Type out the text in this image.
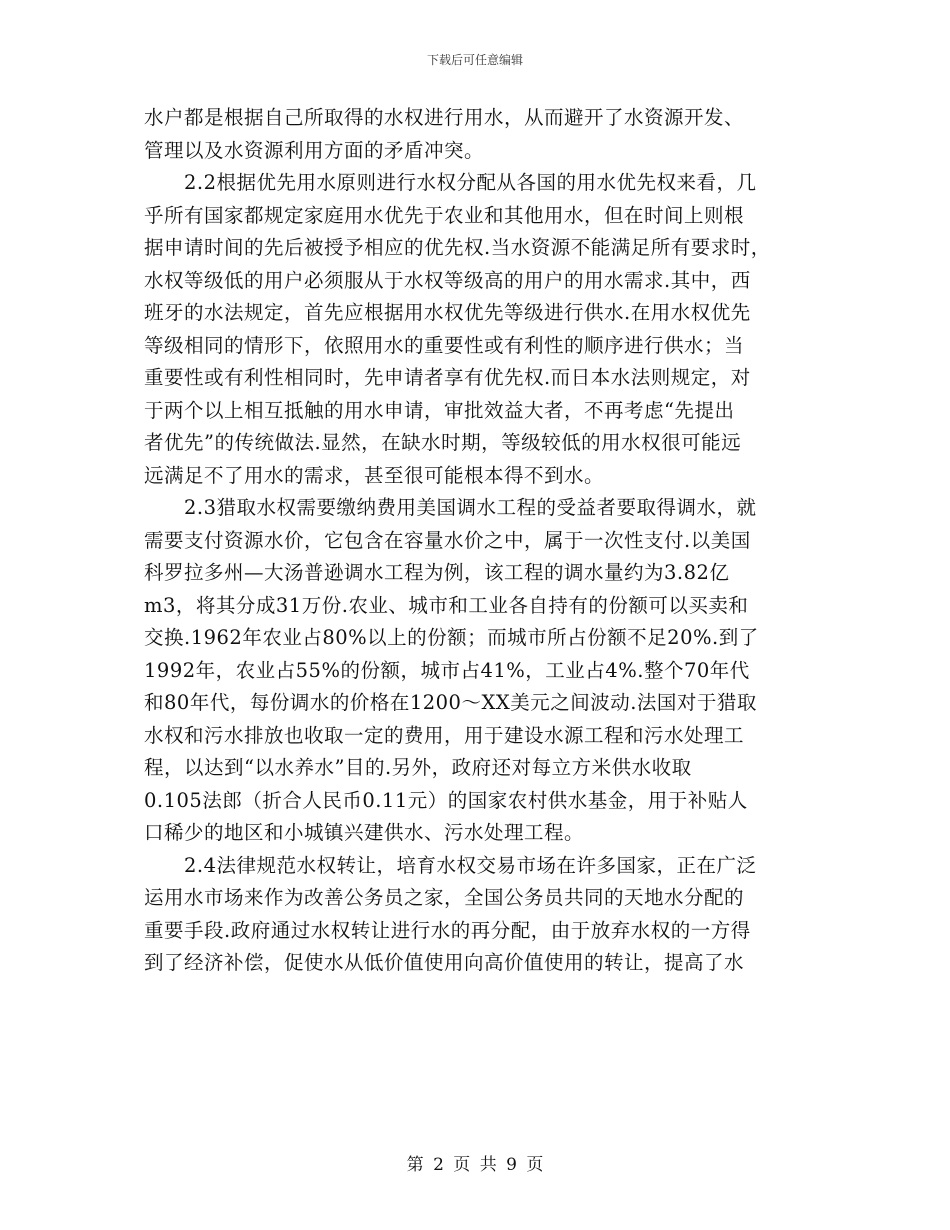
下载后可任意编辑

水户都是根据自己所取得的水权进行用水，从而避开了水资源开发、
管理以及水资源利用方面的矛盾冲突。

2.2根据优先用水原则进行水权分配从各国的用水优先权来看，几
乎所有国家都规定家庭用水优先于农业和其他用水，但在时间上则根
据申请时间的先后被授予相应的优先权.当水资源不能满足所有要求时，
水权等级低的用户必须服从于水权等级高的用户的用水需求.其中，西
班牙的水法规定，首先应根据用水权优先等级进行供水.在用水权优先
等级相同的情形下，依照用水的重要性或有利性的顺序进行供水；当
重要性或有利性相同时，先申请者享有优先权.而日本水法则规定，对
于两个以上相互抵触的用水申请，审批效益大者，不再考虑“先提出
者优先”的传统做法.显然，在缺水时期，等级较低的用水权很可能远
远满足不了用水的需求，甚至很可能根本得不到水。

2.3猎取水权需要缴纳费用美国调水工程的受益者要取得调水，就
需要支付资源水价，它包含在容量水价之中，属于一次性支付.以美国
科罗拉多州—大汤普逊调水工程为例，该工程的调水量约为3.82亿
m3，将其分成31万份.农业、城市和工业各自持有的份额可以买卖和
交换.1962年农业占80%以上的份额；而城市所占份额不足20%.到了
1992年，农业占55%的份额，城市占41%，工业占4%.整个70年代
和80年代，每份调水的价格在1200～XX美元之间波动.法国对于猎取
水权和污水排放也收取一定的费用，用于建设水源工程和污水处理工
程，以达到“以水养水”目的.另外，政府还对每立方米供水收取
0.105法郎（折合人民币0.11元）的国家农村供水基金，用于补贴人
口稀少的地区和小城镇兴建供水、污水处理工程。

2.4法律规范水权转让，培育水权交易市场在许多国家，正在广泛
运用水市场来作为改善公务员之家，全国公务员共同的天地水分配的
重要手段.政府通过水权转让进行水的再分配，由于放弃水权的一方得
到了经济补偿，促使水从低价值使用向高价值使用的转让，提高了水

第 2 页 共 9 页
